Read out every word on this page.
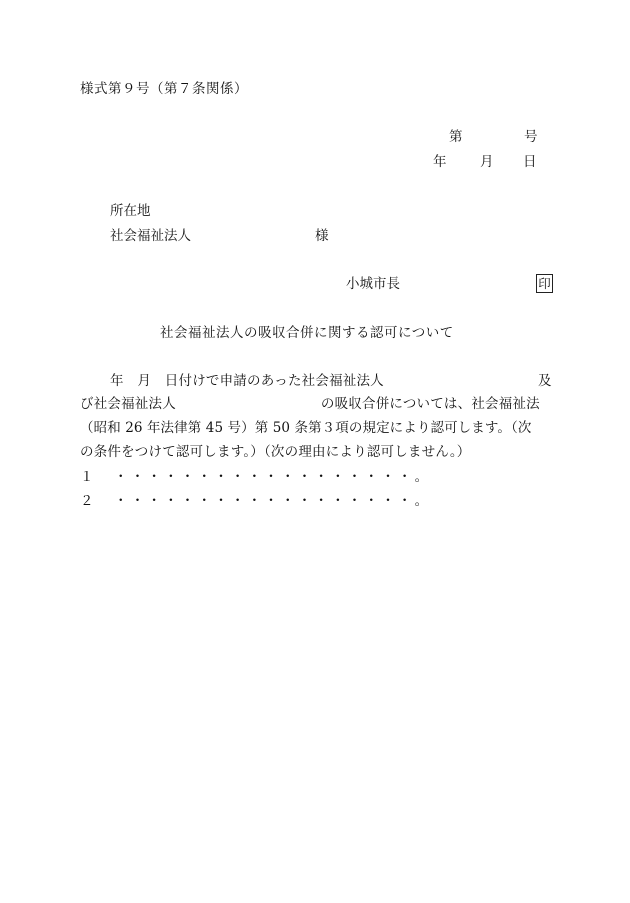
様式第９号（第７条関係）
第	号
年 月 日
所在地
社会福祉法人	様
小城市長	印
社会福祉法人の吸収合併に関する認可について
年　月　日付けで申請のあった社会福祉法人	及
び社会福祉法人	の吸収合併については、社会福祉法
（昭和 26 年法律第 45 号）第 50 条第３項の規定により認可します。（次
の条件をつけて認可します。）（次の理由により認可しません。）
１ ・・・・・・・・・・・・・・・・・・。
２ ・・・・・・・・・・・・・・・・・・。
